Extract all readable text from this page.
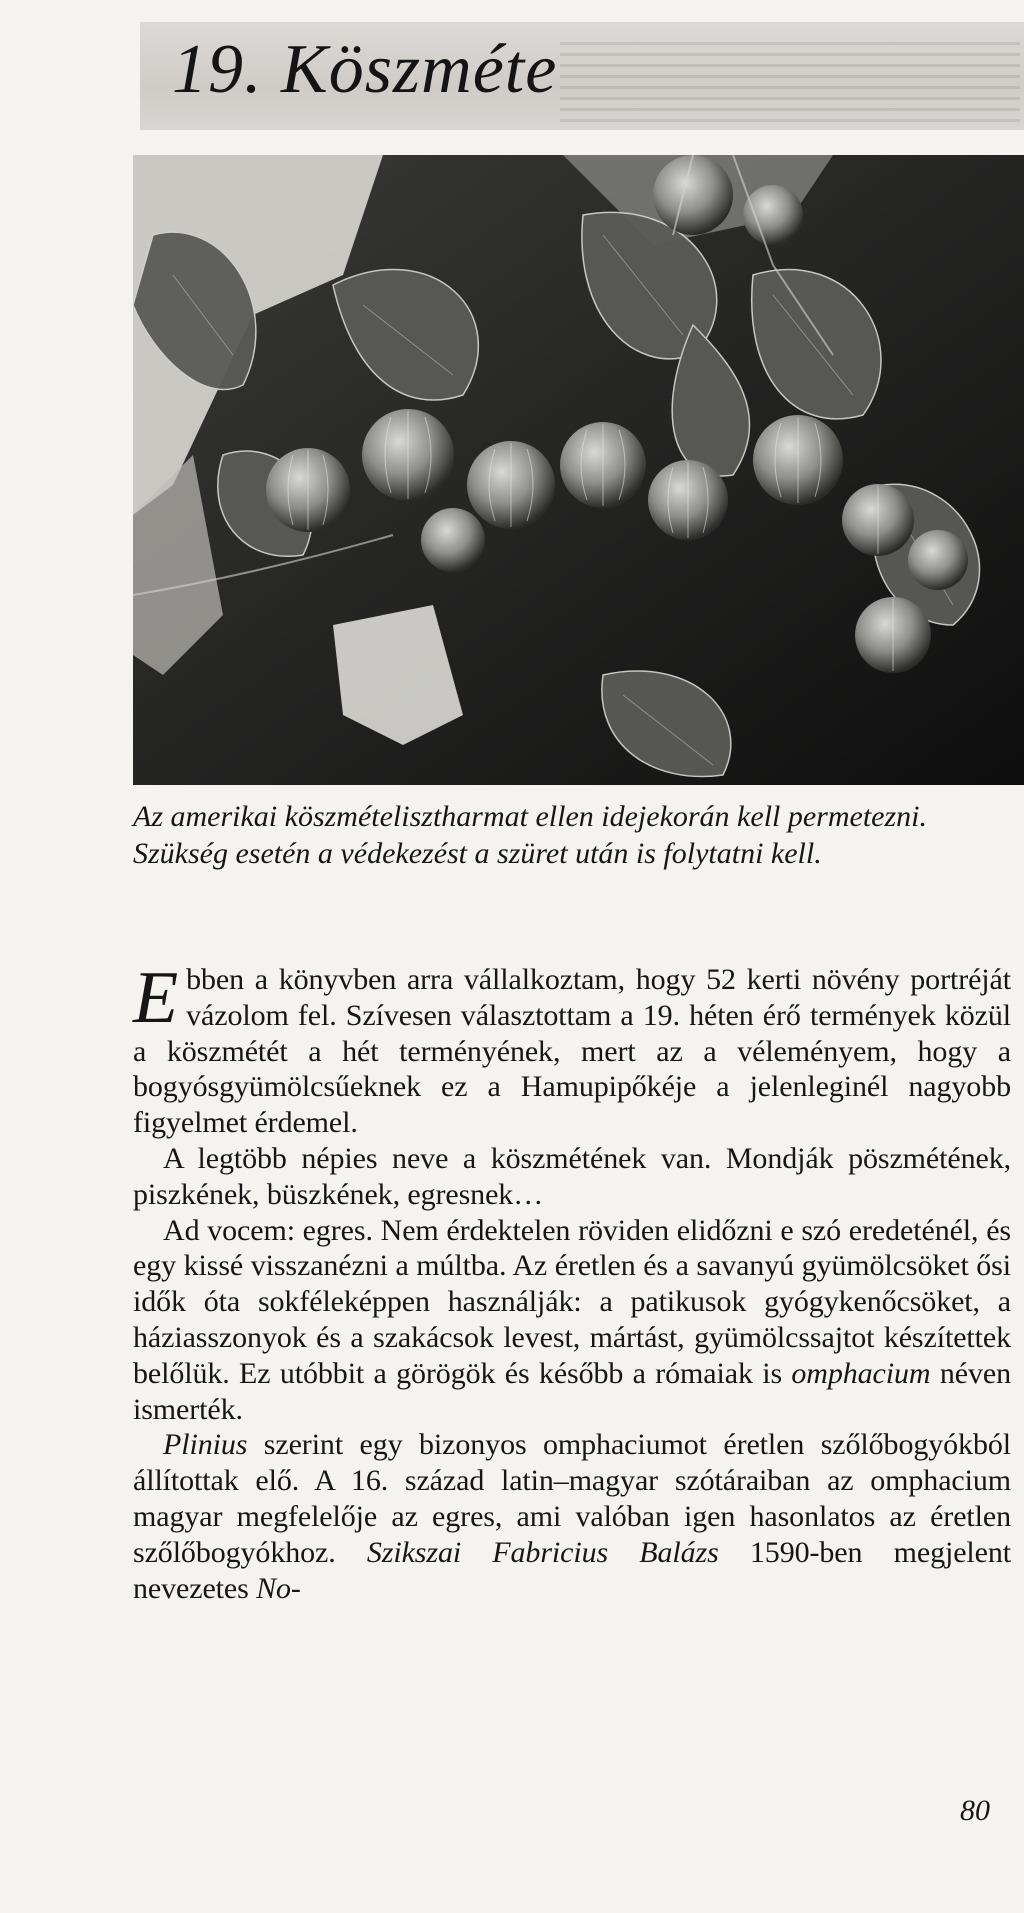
19. Köszméte

Az amerikai köszmételisztharmat ellen idejekorán kell permetezni. Szükség esetén a védekezést a szüret után is folytatni kell.

Ebben a könyvben arra vállalkoztam, hogy 52 kerti növény portréját vázolom fel. Szívesen választottam a 19. héten érő termények közül a köszmétét a hét terményének, mert az a véleményem, hogy a bogyósgyümölcsűeknek ez a Hamupipőkéje a jelenleginél nagyobb figyelmet érdemel.

A legtöbb népies neve a köszmétének van. Mondják pöszmétének, piszkének, büszkének, egresnek…

Ad vocem: egres. Nem érdektelen röviden elidőzni e szó eredeténél, és egy kissé visszanézni a múltba. Az éretlen és a savanyú gyümölcsöket ősi idők óta sokféleképpen használják: a patikusok gyógykenőcsöket, a háziasszonyok és a szakácsok levest, mártást, gyümölcssajtot készítettek belőlük. Ez utóbbit a görögök és később a rómaiak is omphacium néven ismerték.

Plinius szerint egy bizonyos omphaciumot éretlen szőlőbogyókból állítottak elő. A 16. század latin–magyar szótáraiban az omphacium magyar megfelelője az egres, ami valóban igen hasonlatos az éretlen szőlőbogyókhoz. Szikszai Fabricius Balázs 1590-ben megjelent nevezetes No-

80
